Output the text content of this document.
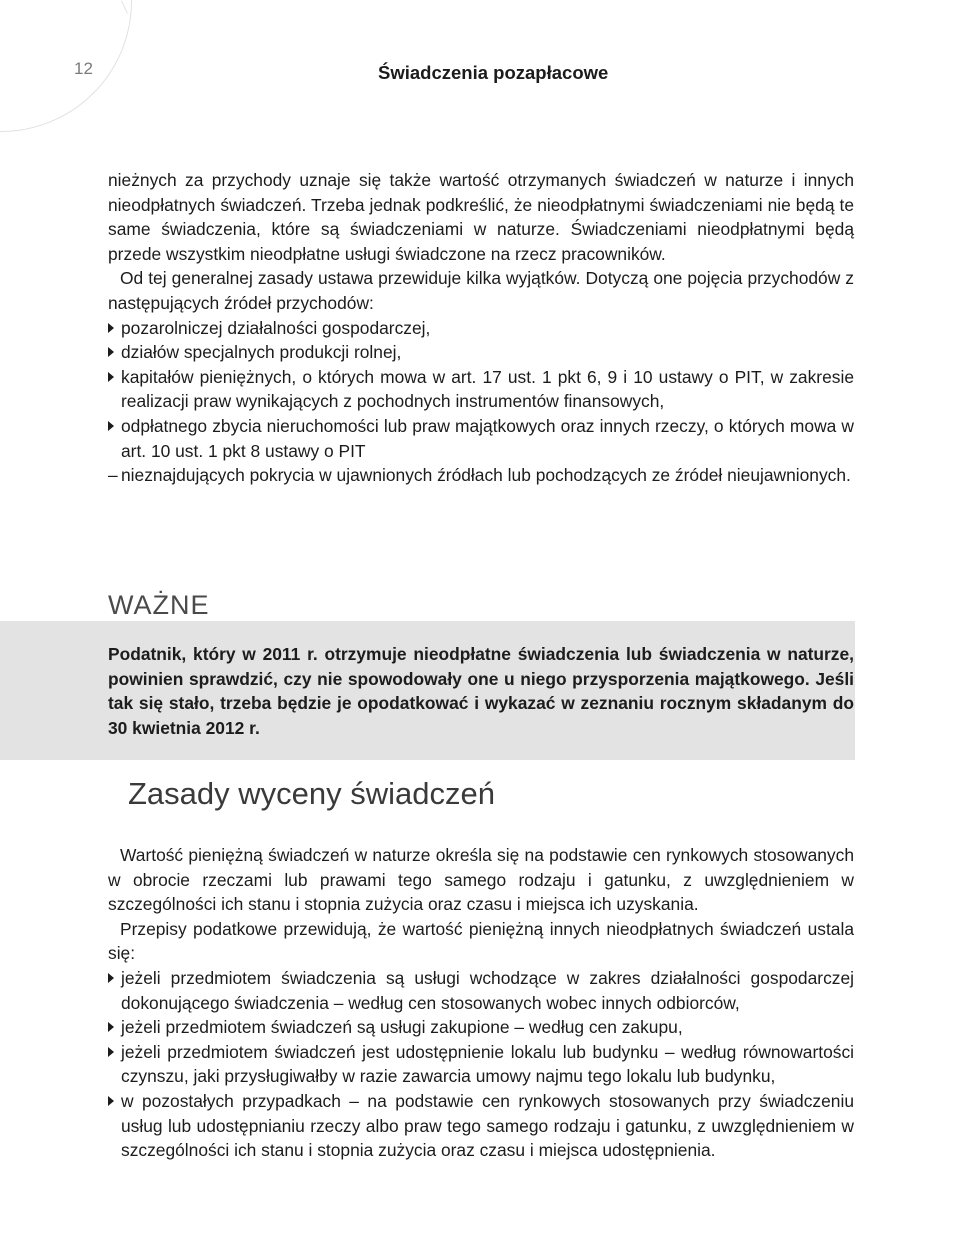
12	Świadczenia pozapłacowe

nieżnych za przychody uznaje się także wartość otrzymanych świadczeń w naturze i innych nieodpłatnych świadczeń. Trzeba jednak podkreślić, że nieodpłatnymi świadczeniami nie będą te same świadczenia, które są świadczeniami w naturze. Świadczeniami nieodpłatnymi będą przede wszystkim nieodpłatne usługi świadczone na rzecz pracowników.

Od tej generalnej zasady ustawa przewiduje kilka wyjątków. Dotyczą one pojęcia przychodów z następujących źródeł przychodów:

pozarolniczej działalności gospodarczej,
działów specjalnych produkcji rolnej,
kapitałów pieniężnych, o których mowa w art. 17 ust. 1 pkt 6, 9 i 10 ustawy o PIT, w zakresie realizacji praw wynikających z pochodnych instrumentów finansowych,
odpłatnego zbycia nieruchomości lub praw majątkowych oraz innych rzeczy, o których mowa w art. 10 ust. 1 pkt 8 ustawy o PIT
– nieznajdujących pokrycia w ujawnionych źródłach lub pochodzących ze źródeł nieujawnionych.
WAŻNE
Podatnik, który w 2011 r. otrzymuje nieodpłatne świadczenia lub świadczenia w naturze, powinien sprawdzić, czy nie spowodowały one u niego przysporzenia majątkowego. Jeśli tak się stało, trzeba będzie je opodatkować i wykazać w zeznaniu rocznym składanym do 30 kwietnia 2012 r.
Zasady wyceny świadczeń

Wartość pieniężną świadczeń w naturze określa się na podstawie cen rynkowych stosowanych w obrocie rzeczami lub prawami tego samego rodzaju i gatunku, z uwzględnieniem w szczególności ich stanu i stopnia zużycia oraz czasu i miejsca ich uzyskania.

Przepisy podatkowe przewidują, że wartość pieniężną innych nieodpłatnych świadczeń ustala się:

jeżeli przedmiotem świadczenia są usługi wchodzące w zakres działalności gospodarczej dokonującego świadczenia – według cen stosowanych wobec innych odbiorców,
jeżeli przedmiotem świadczeń są usługi zakupione – według cen zakupu,
jeżeli przedmiotem świadczeń jest udostępnienie lokalu lub budynku – według równowartości czynszu, jaki przysługiwałby w razie zawarcia umowy najmu tego lokalu lub budynku,
w pozostałych przypadkach – na podstawie cen rynkowych stosowanych przy świadczeniu usług lub udostępnianiu rzeczy albo praw tego samego rodzaju i gatunku, z uwzględnieniem w szczególności ich stanu i stopnia zużycia oraz czasu i miejsca udostępnienia.
